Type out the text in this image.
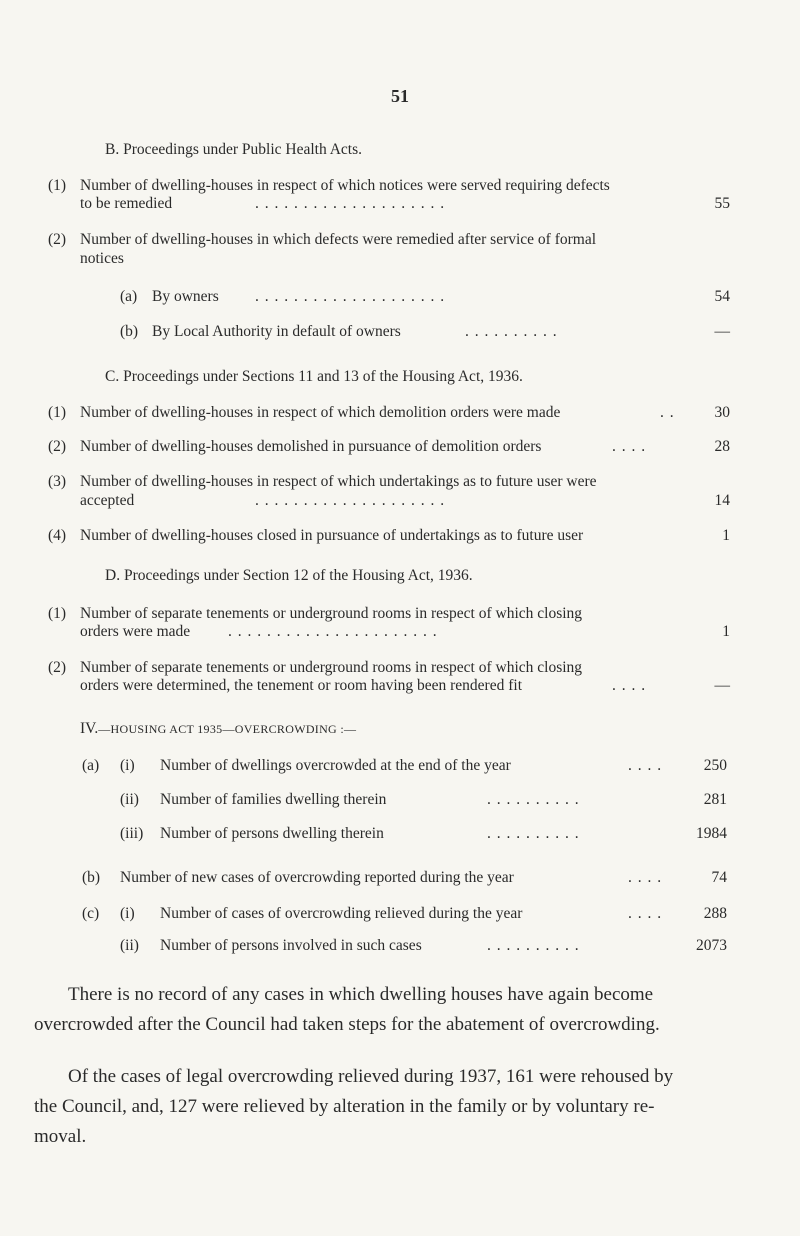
51
B. Proceedings under Public Health Acts.
(1) Number of dwelling-houses in respect of which notices were served requiring defects
to be remedied	. . . . . . . . . . . . . . . . . . . .	55
(2) Number of dwelling-houses in which defects were remedied after service of formal
notices
(a) By owners . . . . . . . . . . . . . . . . . . . .	54
(b) By Local Authority in default of owners	. . . . . . . . . .	—
C. Proceedings under Sections 11 and 13 of the Housing Act, 1936.
(1) Number of dwelling-houses in respect of which demolition orders were made	. .	30
(2) Number of dwelling-houses demolished in pursuance of demolition orders	. . . .	28
(3) Number of dwelling-houses in respect of which undertakings as to future user were
accepted	. . . . . . . . . . . . . . . . . . . .	14
(4) Number of dwelling-houses closed in pursuance of undertakings as to future user	1
D. Proceedings under Section 12 of the Housing Act, 1936.
(1) Number of separate tenements or underground rooms in respect of which closing
orders were made . . . . . . . . . . . . . . . . . . . . . .	1
(2) Number of separate tenements or underground rooms in respect of which closing
orders were determined, the tenement or room having been rendered fit	. . . .	—
IV.—HOUSING ACT 1935—OVERCROWDING :—
(a) (i) Number of dwellings overcrowded at the end of the year	. . . .	250
(ii) Number of families dwelling therein	. . . . . . . . . .	281
(iii) Number of persons dwelling therein	. . . . . . . . . .	1984
(b) Number of new cases of overcrowding reported during the year	. . . .	74
(c) (i) Number of cases of overcrowding relieved during the year	. . . .	288
(ii) Number of persons involved in such cases	. . . . . . . . . .	2073
There is no record of any cases in which dwelling houses have again become
overcrowded after the Council had taken steps for the abatement of overcrowding.
Of the cases of legal overcrowding relieved during 1937, 161 were rehoused by
the Council, and, 127 were relieved by alteration in the family or by voluntary re-
moval.
